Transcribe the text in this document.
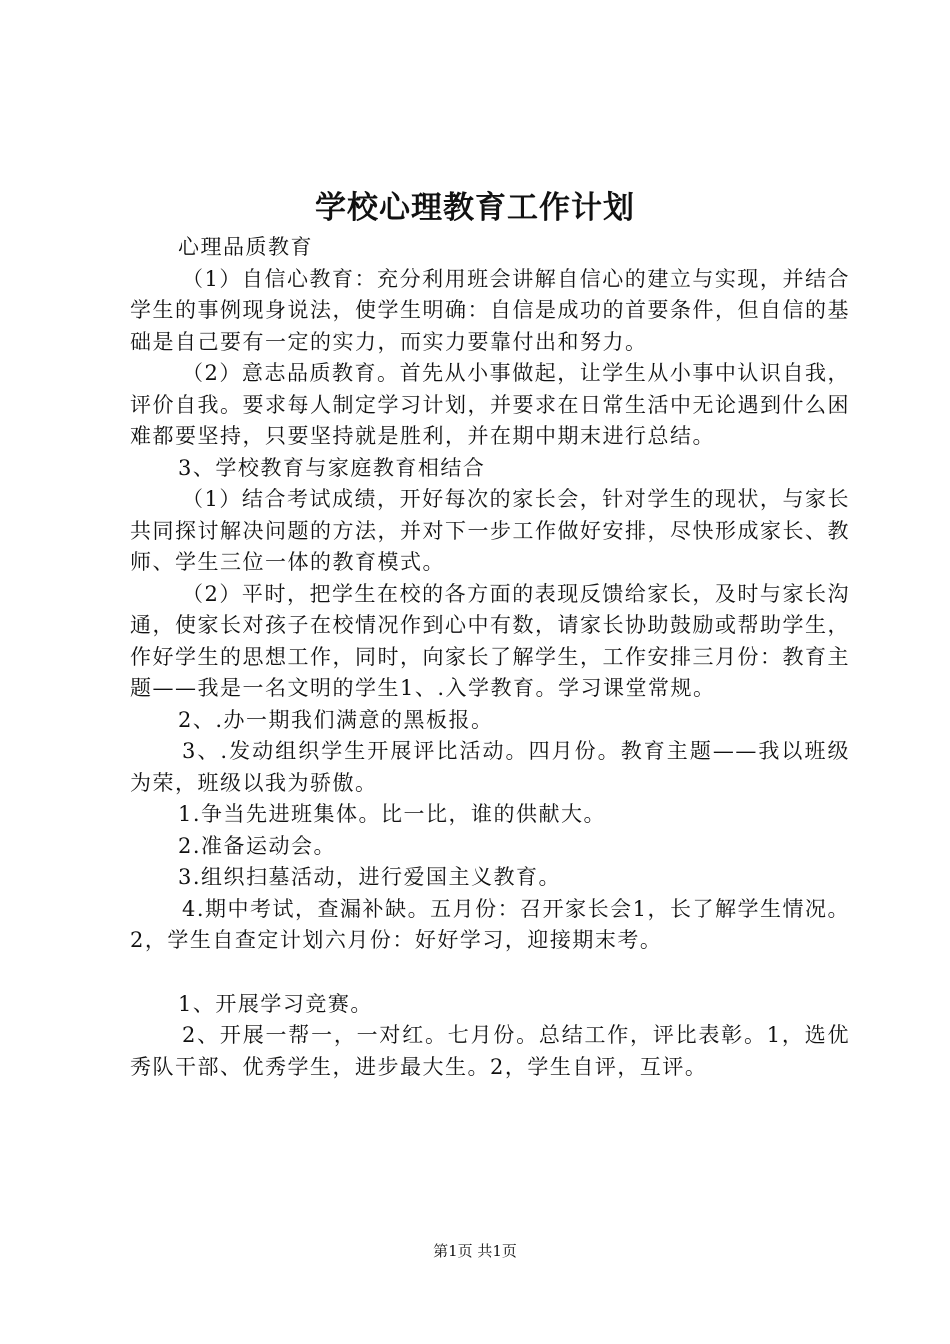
学校心理教育工作计划

心理品质教育

（1）自信心教育：充分利用班会讲解自信心的建立与实现，并结合学生的事例现身说法，使学生明确：自信是成功的首要条件，但自信的基础是自己要有一定的实力，而实力要靠付出和努力。

（2）意志品质教育。首先从小事做起，让学生从小事中认识自我，评价自我。要求每人制定学习计划，并要求在日常生活中无论遇到什么困难都要坚持，只要坚持就是胜利，并在期中期末进行总结。

3、学校教育与家庭教育相结合

（1）结合考试成绩，开好每次的家长会，针对学生的现状，与家长共同探讨解决问题的方法，并对下一步工作做好安排，尽快形成家长、教师、学生三位一体的教育模式。

（2）平时，把学生在校的各方面的表现反馈给家长，及时与家长沟通，使家长对孩子在校情况作到心中有数，请家长协助鼓励或帮助学生，作好学生的思想工作，同时，向家长了解学生，工作安排三月份：教育主题——我是一名文明的学生1、.入学教育。学习课堂常规。

2、.办一期我们满意的黑板报。

3、.发动组织学生开展评比活动。四月份。教育主题——我以班级为荣，班级以我为骄傲。

1.争当先进班集体。比一比，谁的供献大。

2.准备运动会。

3.组织扫墓活动，进行爱国主义教育。

4.期中考试，查漏补缺。五月份：召开家长会1，长了解学生情况。2，学生自查定计划六月份：好好学习，迎接期末考。

1、开展学习竞赛。

2、开展一帮一，一对红。七月份。总结工作，评比表彰。1，选优秀队干部、优秀学生，进步最大生。2，学生自评，互评。

第1页 共1页
